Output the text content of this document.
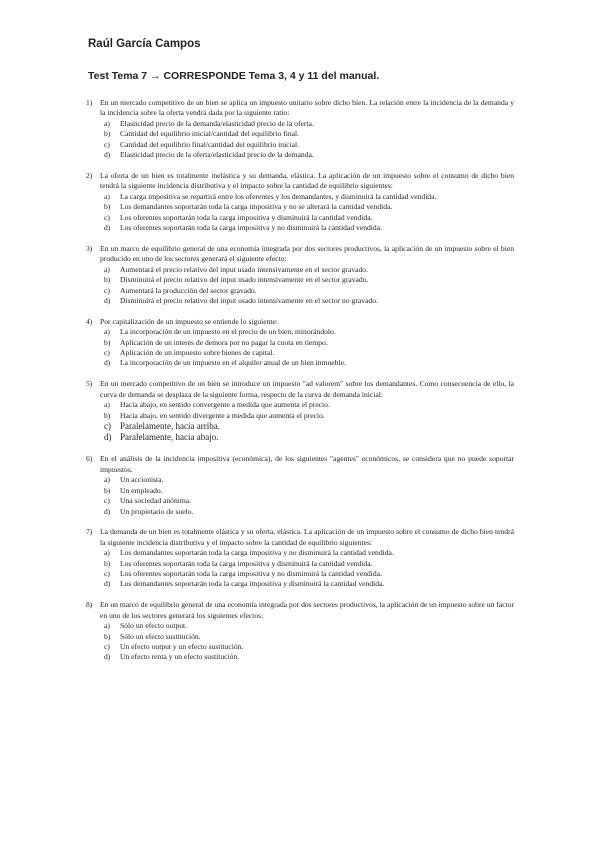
Raúl García Campos
Test Tema 7 → CORRESPONDE Tema 3, 4 y 11 del manual.
1)	En un mercado competitivo de un bien se aplica un impuesto unitario sobre dicho bien. La relación entre la incidencia de la demanda y la incidencia sobre la oferta vendrá dada por la siguiente ratio:
a)	Elasticidad precio de la demanda/elasticidad precio de la oferta.
b)	Cantidad del equilibrio inicial/cantidad del equilibrio final.
c)	Cantidad del equilibrio final/cantidad del equilibrio inicial.
d)	Elasticidad precio de la oferta/elasticidad precio de la demanda.
2)	La oferta de un bien es totalmente inelástica y su demanda, elástica. La aplicación de un impuesto sobre el consumo de dicho bien tendrá la siguiente incidencia distributiva y el impacto sobre la cantidad de equilibrio siguientes:
a)	La carga impositiva se repartirá entre los oferentes y los demandantes, y disminuirá la cantidad vendida.
b)	Los demandantes soportarán toda la carga impositiva y no se alterará la cantidad vendida.
c)	Los oferentes soportarán toda la carga impositiva y disminuirá la cantidad vendida.
d)	Los oferentes soportarán toda la carga impositiva y no disminuirá la cantidad vendida.
3)	En un marco de equilibrio general de una economía integrada por dos sectores productivos, la aplicación de un impuesto sobre el bien producido en uno de los sectores generará el siguiente efecto:
a)	Aumentará el precio relativo del input usado intensivamente en el sector gravado.
b)	Disminuirá el precio relativo del input usado intensivamente en el sector gravado.
c)	Aumentará la producción del sector gravado.
d)	Disminuirá el precio relativo del input usado intensivamente en el sector no gravado.
4)	Por capitalización de un impuesto se entiende lo siguiente:
a)	La incorporación de un impuesto en el precio de un bien, minorándolo.
b)	Aplicación de un interés de demora por no pagar la cuota en tiempo.
c)	Aplicación de un impuesto sobre bienes de capital.
d)	La incorporación de un impuesto en el alquiler anual de un bien inmueble.
5)	En un mercado competitivo de un bien se introduce un impuesto "ad valorem" sobre los demandantes. Como consecuencia de ello, la curva de demanda se desplaza de la siguiente forma, respecto de la curva de demanda inicial:
a)	Hacia abajo, en sentido convergente a medida que aumenta el precio.
b)	Hacia abajo, en sentido divergente a medida que aumenta el precio.
c)	Paralelamente, hacia arriba.
d) Paralelamente, hacia abajo.
6)	En el análisis de la incidencia impositiva (económica), de los siguientes "agentes" económicos, se considera que no puede soportar impuestos.
a)	Un accionista.
b)	Un empleado.
c)	Una sociedad anónima.
d)	Un propietario de suelo.
7)	La demanda de un bien es totalmente elástica y su oferta, elástica. La aplicación de un impuesto sobre el consumo de dicho bien tendrá la siguiente incidencia distributiva y el impacto sobre la cantidad de equilibrio siguientes:
a)	Los demandantes soportarán toda la carga impositiva y no disminuirá la cantidad vendida.
b)	Los oferentes soportarán toda la carga impositiva y disminuirá la cantidad vendida.
c)	Los oferentes soportarán toda la carga impositiva y no disminuirá la cantidad vendida.
d)	Los demandantes soportarán toda la carga impositiva y disminuirá la cantidad vendida.
8)	En un marco de equilibrio general de una economía integrada por dos sectores productivos, la aplicación de un impuesto sobre un factor en uno de los sectores generará los siguientes efectos:
a)	Sólo un efecto output.
b)	Sólo un efecto sustitución.
c)	Un efecto output y un efecto sustitución.
d)	Un efecto renta y un efecto sustitución.
